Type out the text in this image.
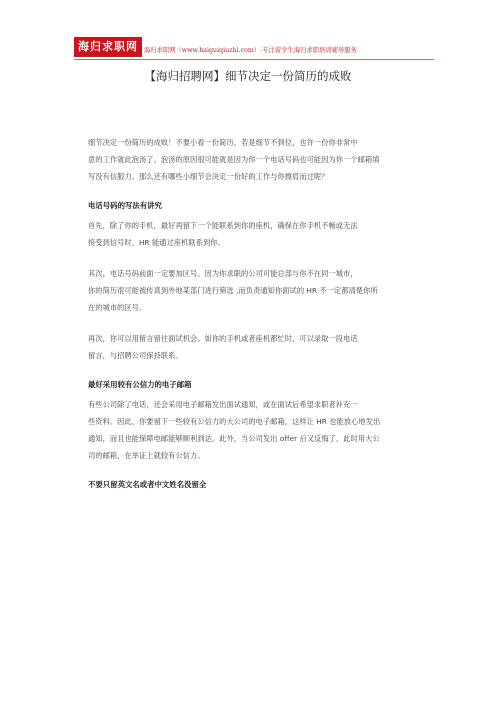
海归求职网 海归求职网（www.haiguiqiuzhi.com）-专注留学生海归求职培训辅导服务
【海归招聘网】细节决定一份简历的成败

细节决定一份简历的成败！不要小看一份简历，若是细节不到位，也许一份你非常中
意的工作就此泡汤了。泡汤的原因很可能就是因为你一个电话号码也可能因为你一个邮箱填
写没有信服力。那么还有哪些小细节会决定一份好的工作与你擦肩而过呢？

电话号码的写法有讲究

首先，除了你的手机，最好再留下一个能联系到你的座机，确保在你手机不畅或无法
接受到信号时，HR 能通过座机联系到你。

其次，电话号码前面一定要加区号。因为你求职的公司可能总部与你不在同一城市，
你的简历很可能被传真到外地某部门进行筛选 ,而负责通知你面试的 HR 不一定都清楚你所
在的城市的区号。

再次，你可以用留言留住面试机会。如你的手机或者座机都忙时，可以录取一段电话
留言，与招聘公司保持联系。

最好采用较有公信力的电子邮箱

有些公司除了电话，还会采用电子邮箱发出面试通知，或在面试后希望求职者补充一
些资料。因此，你要留下一些较有公信力的大公司的电子邮箱，这样让 HR 也能放心地发出
通知，而且也能保障电邮能够顺利到达。此外，当公司发出 offer 后又反悔了，此时用大公
司的邮箱，在举证上就较有公信力。

不要只留英文名或者中文姓名没留全
